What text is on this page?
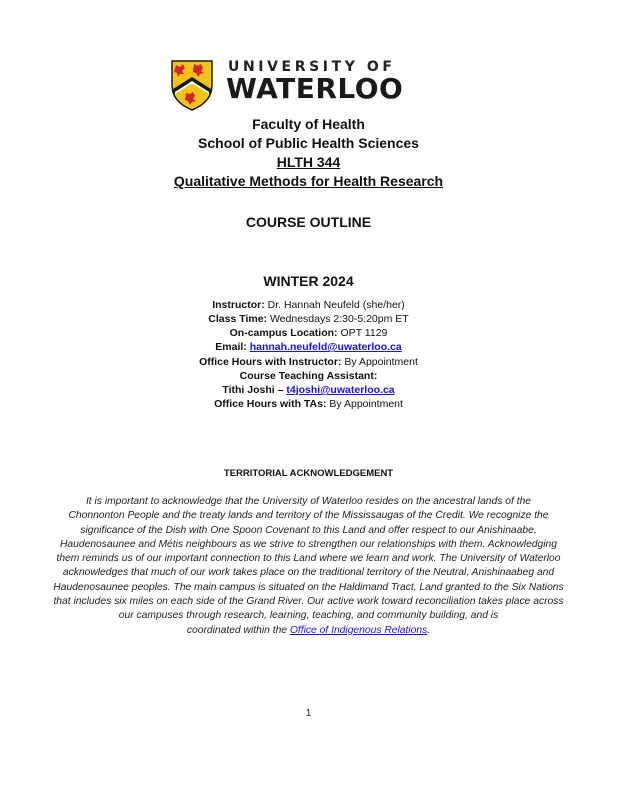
UNIVERSITY OF
WATERLOO
Faculty of Health
School of Public Health Sciences
HLTH 344
Qualitative Methods for Health Research
COURSE OUTLINE
WINTER 2024
Instructor: Dr. Hannah Neufeld (she/her)
Class Time: Wednesdays 2:30-5:20pm ET
On-campus Location: OPT 1129
Email: hannah.neufeld@uwaterloo.ca
Office Hours with Instructor: By Appointment
Course Teaching Assistant:
Tithi Joshi – t4joshi@uwaterloo.ca
Office Hours with TAs: By Appointment
TERRITORIAL ACKNOWLEDGEMENT
It is important to acknowledge that the University of Waterloo resides on the ancestral lands of the
Chonnonton People and the treaty lands and territory of the Mississaugas of the Credit. We recognize the
significance of the Dish with One Spoon Covenant to this Land and offer respect to our Anishinaabe,
Haudenosaunee and Métis neighbours as we strive to strengthen our relationships with them. Acknowledging
them reminds us of our important connection to this Land where we learn and work. The University of Waterloo
acknowledges that much of our work takes place on the traditional territory of the Neutral, Anishinaabeg and
Haudenosaunee peoples. The main campus is situated on the Haldimand Tract, Land granted to the Six Nations
that includes six miles on each side of the Grand River. Our active work toward reconciliation takes place across
our campuses through research, learning, teaching, and community building, and is
coordinated within the Office of Indigenous Relations.
1
